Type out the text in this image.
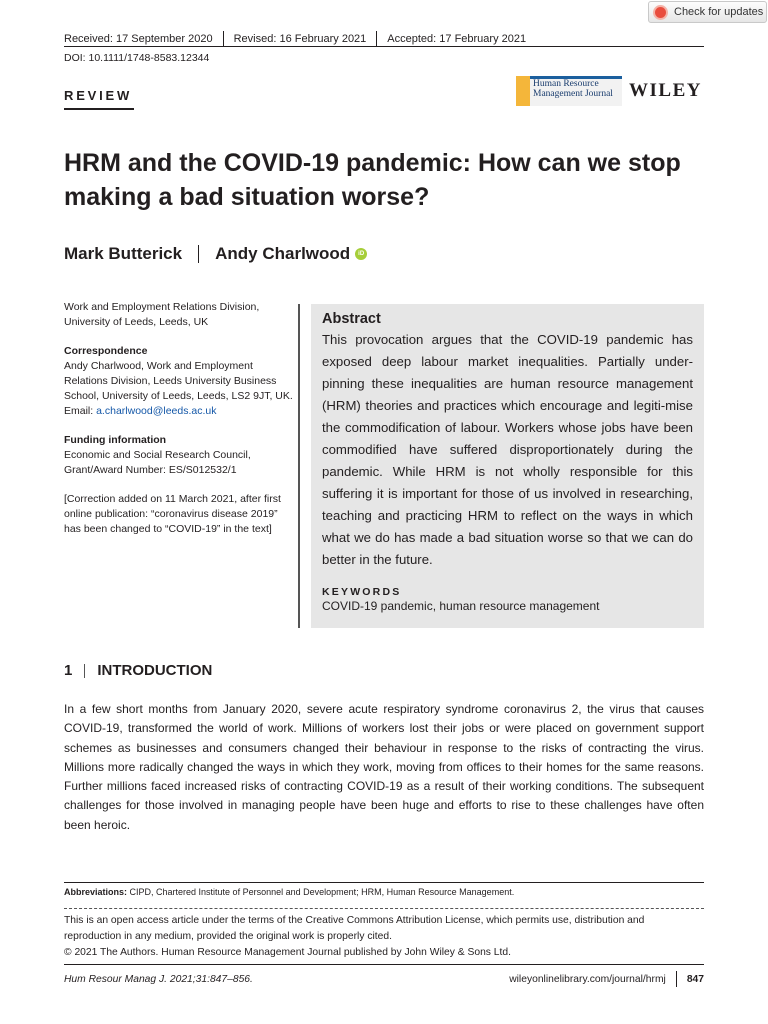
Check for updates
Received: 17 September 2020 Revised: 16 February 2021 Accepted: 17 February 2021
DOI: 10.1111/1748-8583.12344
REVIEW
Human Resource
Management Journal WILEY
HRM and the COVID-19 pandemic: How can we stop making a bad situation worse?
Mark Butterick Andy Charlwood	iD

Work and Employment Relations Division, University of Leeds, Leeds, UK

Correspondence
Andy Charlwood, Work and Employment Relations Division, Leeds University Business School, University of Leeds, Leeds, LS2 9JT, UK.
Email: a.charlwood@leeds.ac.uk

Funding information
Economic and Social Research Council, Grant/Award Number: ES/S012532/1

[Correction added on 11 March 2021, after first online publication: “coronavirus disease 2019” has been changed to “COVID-19” in the text]

Abstract
This provocation argues that the COVID-19 pandemic has exposed deep labour market inequalities. Partially under-pinning these inequalities are human resource management (HRM) theories and practices which encourage and legiti-mise the commodification of labour. Workers whose jobs have been commodified have suffered disproportionately during the pandemic. While HRM is not wholly responsible for this suffering it is important for those of us involved in researching, teaching and practicing HRM to reflect on the ways in which what we do has made a bad situation worse so that we can do better in the future.
KEYWORDS
COVID-19 pandemic, human resource management
1 INTRODUCTION
In a few short months from January 2020, severe acute respiratory syndrome coronavirus 2, the virus that causes COVID-19, transformed the world of work. Millions of workers lost their jobs or were placed on government support schemes as businesses and consumers changed their behaviour in response to the risks of contracting the virus. Millions more radically changed the ways in which they work, moving from offices to their homes for the same reasons. Further millions faced increased risks of contracting COVID-19 as a result of their working conditions. The subsequent challenges for those involved in managing people have been huge and efforts to rise to these challenges have often been heroic.
Abbreviations: CIPD, Chartered Institute of Personnel and Development; HRM, Human Resource Management.
This is an open access article under the terms of the Creative Commons Attribution License, which permits use, distribution and reproduction in any medium, provided the original work is properly cited.
© 2021 The Authors. Human Resource Management Journal published by John Wiley & Sons Ltd.
Hum Resour Manag J. 2021;31:847–856.	wileyonlinelibrary.com/journal/hrmj 847
